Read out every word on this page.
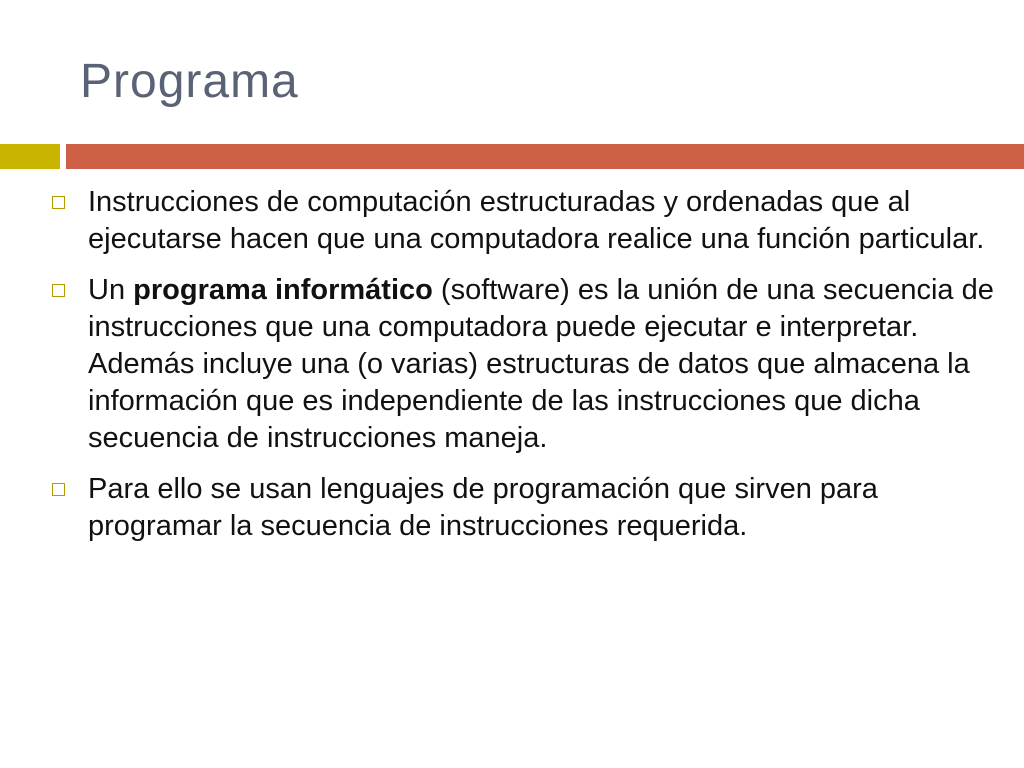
Programa
Instrucciones de computación estructuradas y ordenadas que al ejecutarse hacen que una computadora realice una función particular.
Un programa informático (software) es la unión de una secuencia de instrucciones que una computadora puede ejecutar e interpretar. Además incluye una (o varias) estructuras de datos que almacena la información que es independiente de las instrucciones que dicha secuencia de instrucciones maneja.
Para ello se usan lenguajes de programación que sirven para programar la secuencia de instrucciones requerida.
